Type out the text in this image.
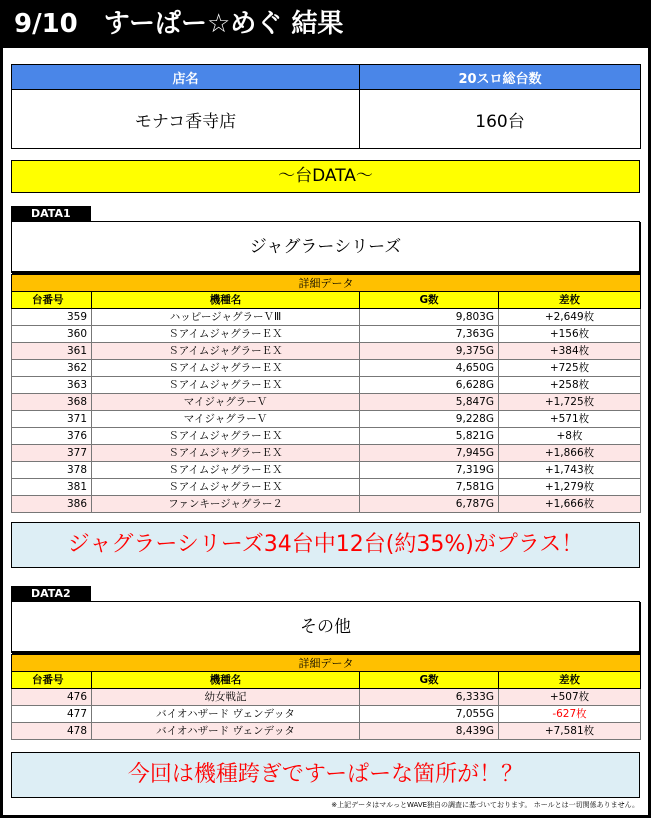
9/10　すーぱー☆めぐ 結果
店名	20スロ総台数
モナコ香寺店	160台
～台DATA～
DATA1
ジャグラーシリーズ
詳細データ			
台番号	機種名	G数	差枚
359	ハッピージャグラーＶⅢ	9,803G	+2,649枚
360	ＳアイムジャグラーＥＸ	7,363G	+156枚
361	ＳアイムジャグラーＥＸ	9,375G	+384枚
362	ＳアイムジャグラーＥＸ	4,650G	+725枚
363	ＳアイムジャグラーＥＸ	6,628G	+258枚
368	マイジャグラーＶ	5,847G	+1,725枚
371	マイジャグラーＶ	9,228G	+571枚
376	ＳアイムジャグラーＥＸ	5,821G	+8枚
377	ＳアイムジャグラーＥＸ	7,945G	+1,866枚
378	ＳアイムジャグラーＥＸ	7,319G	+1,743枚
381	ＳアイムジャグラーＥＸ	7,581G	+1,279枚
386	ファンキージャグラー２	6,787G	+1,666枚
ジャグラーシリーズ34台中12台(約35%)がプラス！
DATA2
その他
詳細データ			
台番号	機種名	G数	差枚
476	幼女戦記	6,333G	+507枚
477	バイオハザード ヴェンデッタ	7,055G	-627枚
478	バイオハザード ヴェンデッタ	8,439G	+7,581枚
今回は機種跨ぎですーぱーな箇所が！？
※上記データはマルっとWAVE独自の調査に基づいております。 ホールとは一切関係ありません。
